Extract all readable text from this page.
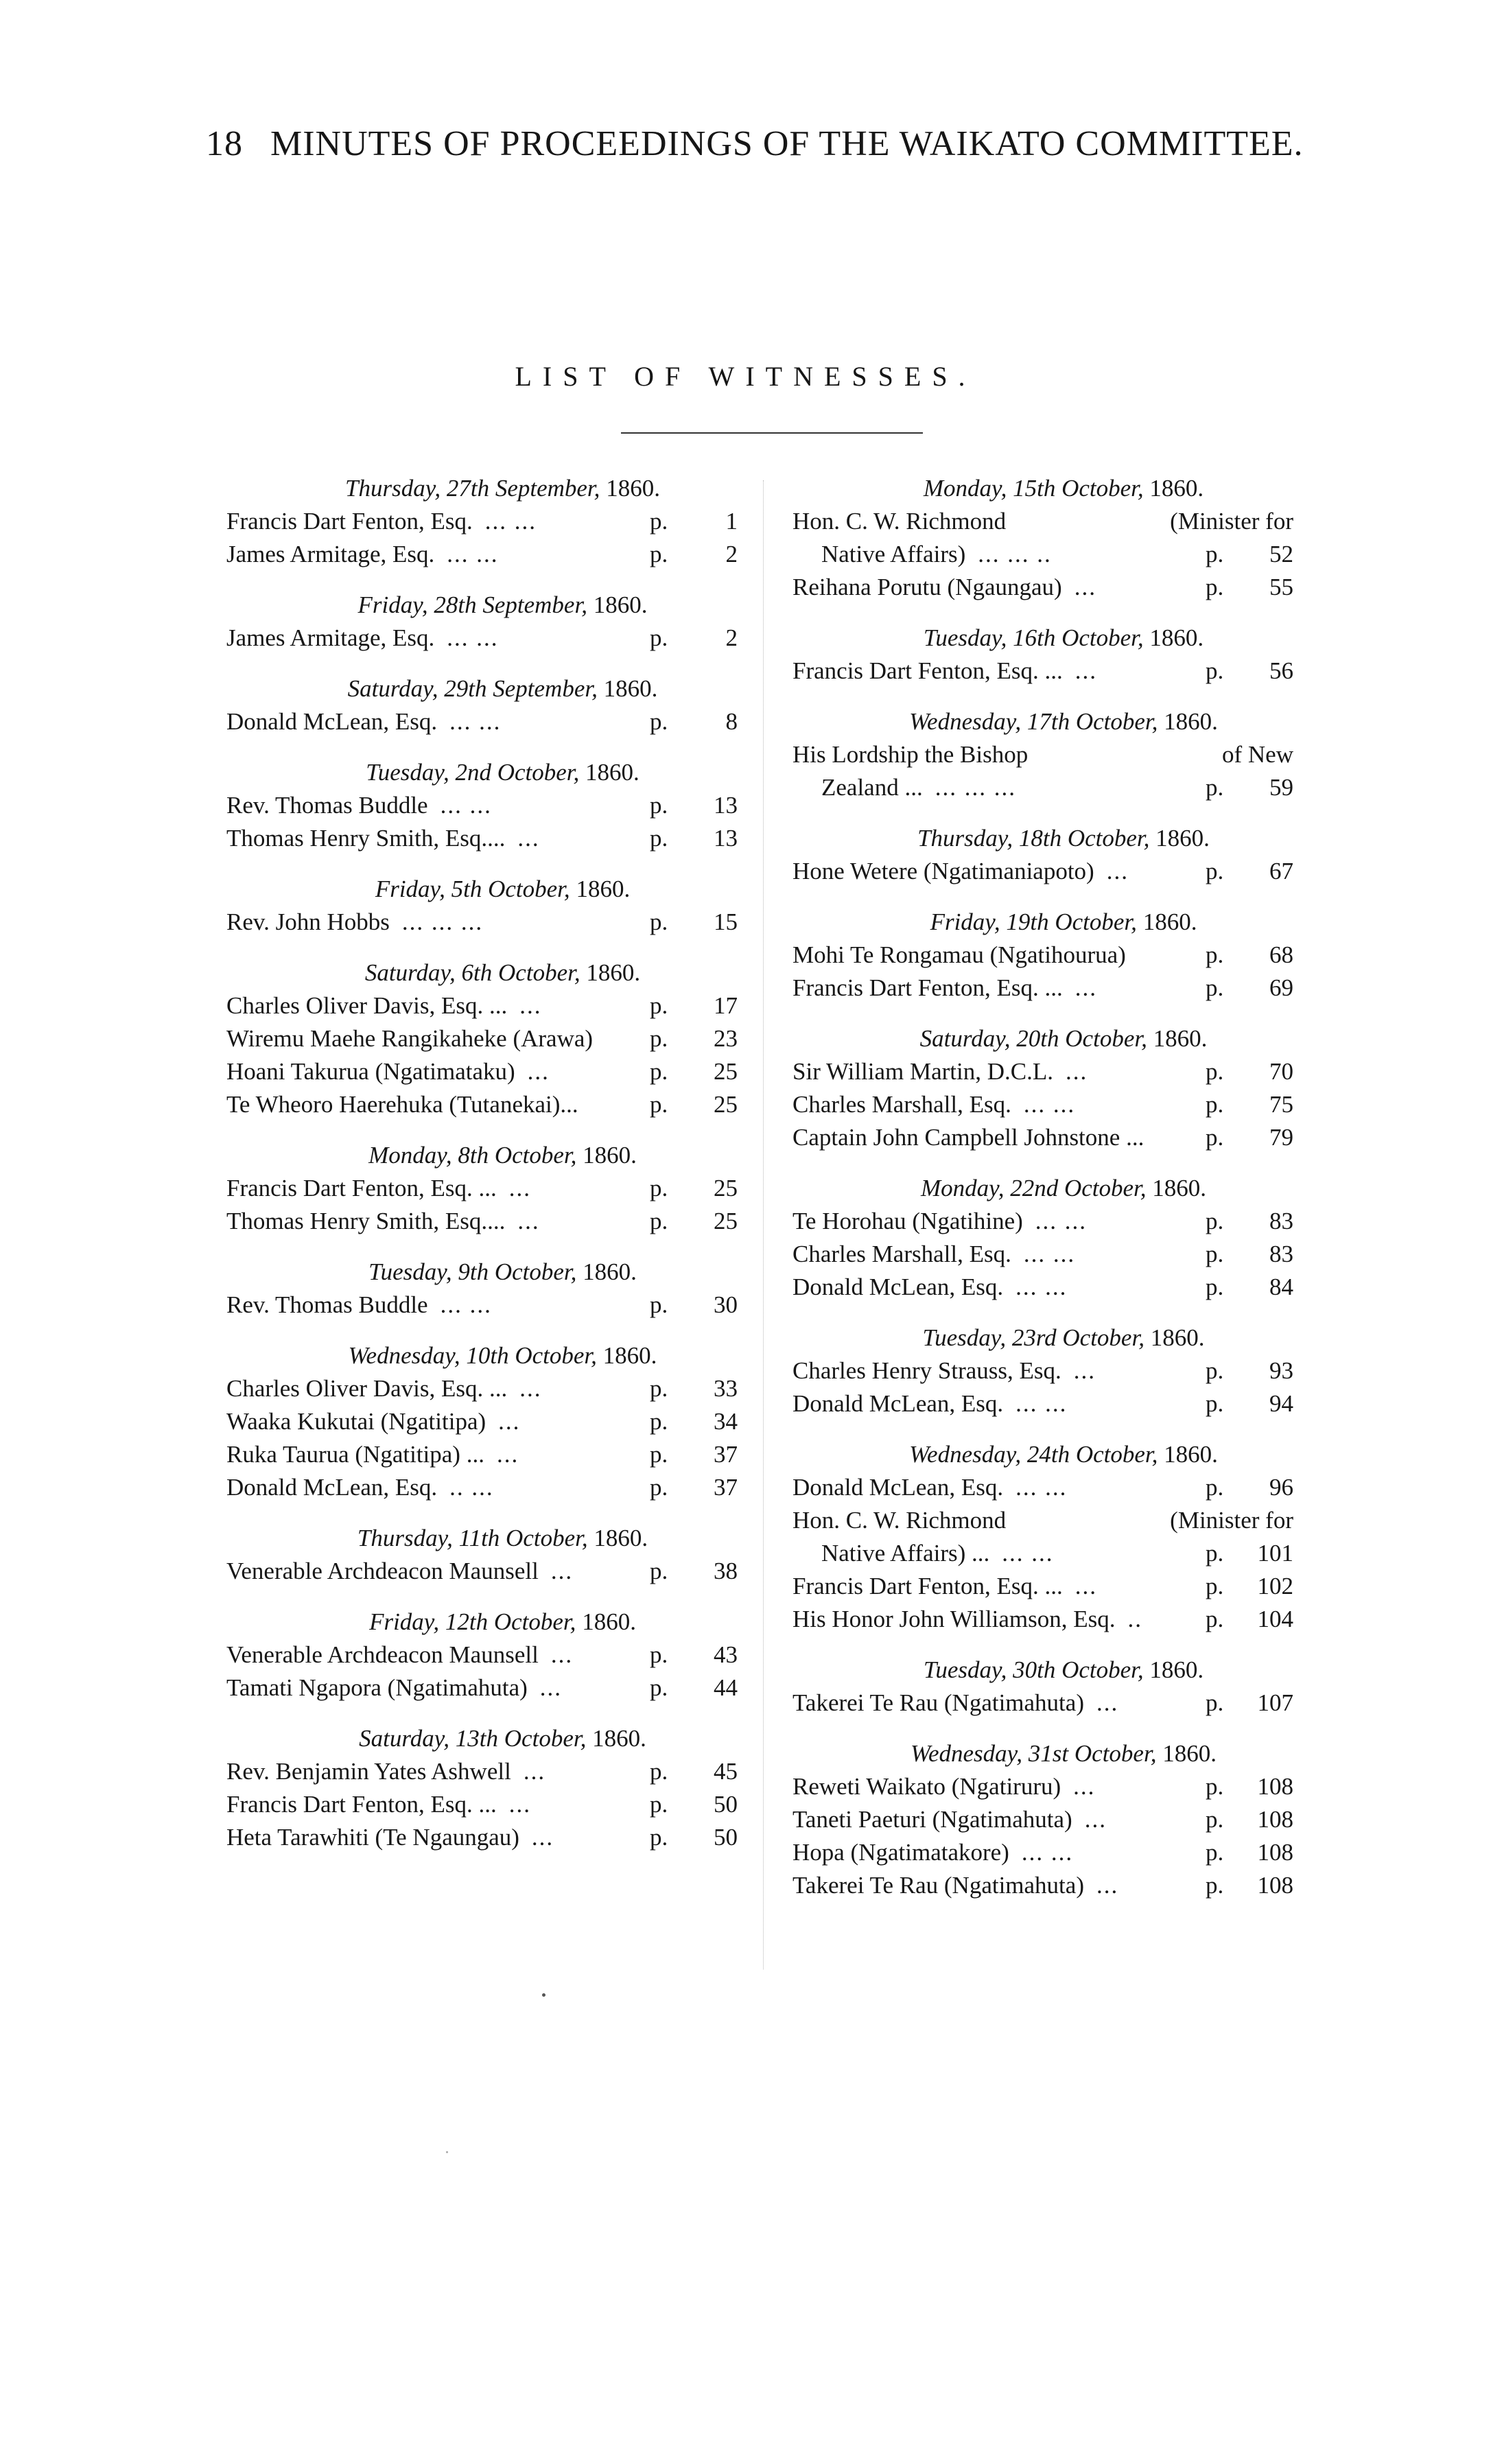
18 MINUTES OF PROCEEDINGS OF THE WAIKATO COMMITTEE.
LIST OF WITNESSES.
Thursday, 27th September, 1860.
Francis Dart Fenton, Esq. ... ...	p.	1
James Armitage, Esq. ... ...	p.	2
Friday, 28th September, 1860.
James Armitage, Esq. ... ...	p.	2
Saturday, 29th September, 1860.
Donald McLean, Esq. ... ...	p.	8
Tuesday, 2nd October, 1860.
Rev. Thomas Buddle ... ...	p.	13
Thomas Henry Smith, Esq.... ...	p.	13
Friday, 5th October, 1860.
Rev. John Hobbs ... ... ...	p.	15
Saturday, 6th October, 1860.
Charles Oliver Davis, Esq. ... ...	p.	17
Wiremu Maehe Rangikaheke (Arawa) p.	23
Hoani Takurua (Ngatimataku) ...	p.	25
Te Wheoro Haerehuka (Tutanekai)...	p.	25
Monday, 8th October, 1860.
Francis Dart Fenton, Esq. ... ...	p.	25
Thomas Henry Smith, Esq.... ...	p.	25
Tuesday, 9th October, 1860.
Rev. Thomas Buddle ... ...	p.	30
Wednesday, 10th October, 1860.
Charles Oliver Davis, Esq. ... ...	p.	33
Waaka Kukutai (Ngatitipa) ...	p.	34
Ruka Taurua (Ngatitipa) ... ...	p.	37
Donald McLean, Esq. .. ...	p.	37
Thursday, 11th October, 1860.
Venerable Archdeacon Maunsell ...	p.	38
Friday, 12th October, 1860.
Venerable Archdeacon Maunsell ...	p.	43
Tamati Ngapora (Ngatimahuta) ...	p.	44
Saturday, 13th October, 1860.
Rev. Benjamin Yates Ashwell ...	p.	45
Francis Dart Fenton, Esq. ... ...	p.	50
Heta Tarawhiti (Te Ngaungau) ...	p.	50
Monday, 15th October, 1860.
Hon. C. W. Richmond	(Minister for
Native Affairs) ... ... ..	p.	52
Reihana Porutu (Ngaungau) ...	p.	55
Tuesday, 16th October, 1860.
Francis Dart Fenton, Esq. ... ...	p.	56
Wednesday, 17th October, 1860.
His Lordship the Bishop	of New
Zealand ... ... ... ...	p.	59
Thursday, 18th October, 1860.
Hone Wetere (Ngatimaniapoto) ...	p.	67
Friday, 19th October, 1860.
Mohi Te Rongamau (Ngatihourua)	p.	68
Francis Dart Fenton, Esq. ... ...	p.	69
Saturday, 20th October, 1860.
Sir William Martin, D.C.L. ...	p.	70
Charles Marshall, Esq. ... ...	p.	75
Captain John Campbell Johnstone ...	p.	79
Monday, 22nd October, 1860.
Te Horohau (Ngatihine) ... ...	p.	83
Charles Marshall, Esq. ... ...	p.	83
Donald McLean, Esq. ... ...	p.	84
Tuesday, 23rd October, 1860.
Charles Henry Strauss, Esq. ...	p.	93
Donald McLean, Esq. ... ...	p.	94
Wednesday, 24th October, 1860.
Donald McLean, Esq. ... ...	p.	96
Hon. C. W. Richmond	(Minister for
Native Affairs) ... ... ...	p.	101
Francis Dart Fenton, Esq. ... ...	p.	102
His Honor John Williamson, Esq. ..	p.	104
Tuesday, 30th October, 1860.
Takerei Te Rau (Ngatimahuta) ...	p.	107
Wednesday, 31st October, 1860.
Reweti Waikato (Ngatiruru) ...	p.	108
Taneti Paeturi (Ngatimahuta) ...	p.	108
Hopa (Ngatimatakore) ... ...	p.	108
Takerei Te Rau (Ngatimahuta) ...	p.	108
